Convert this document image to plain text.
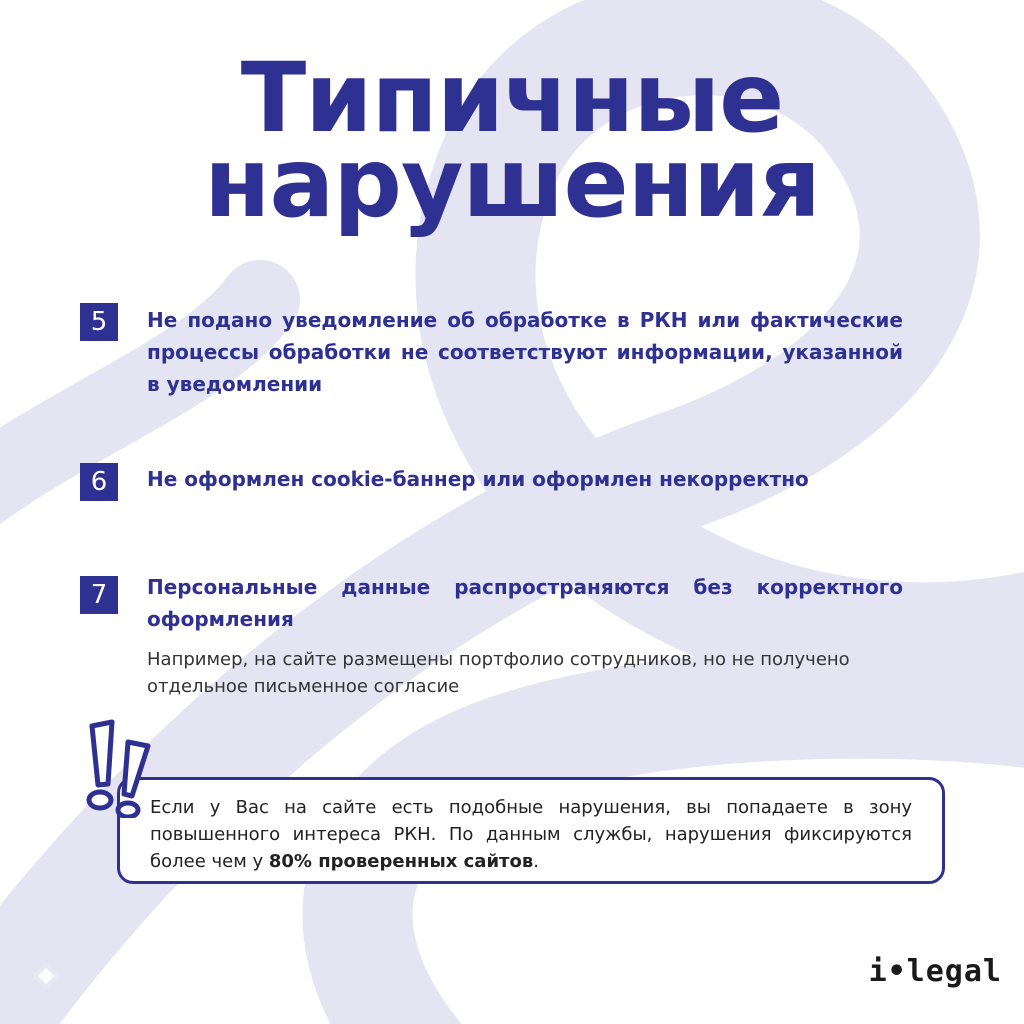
Типичные
нарушения
5	Не подано уведомление об обработке в РКН или фактические процессы обработки не соответствуют информации, указанной в уведомлении
6	Не оформлен cookie-баннер или оформлен некорректно
7	Персональные данные распространяются без корректного оформления
Например, на сайте размещены портфолио сотрудников, но не получено отдельное письменное согласие
Если у Вас на сайте есть подобные нарушения, вы попадаете в зону повышенного интереса РКН. По данным службы, нарушения фиксируются более чем у 80% проверенных сайтов.
i•legal
